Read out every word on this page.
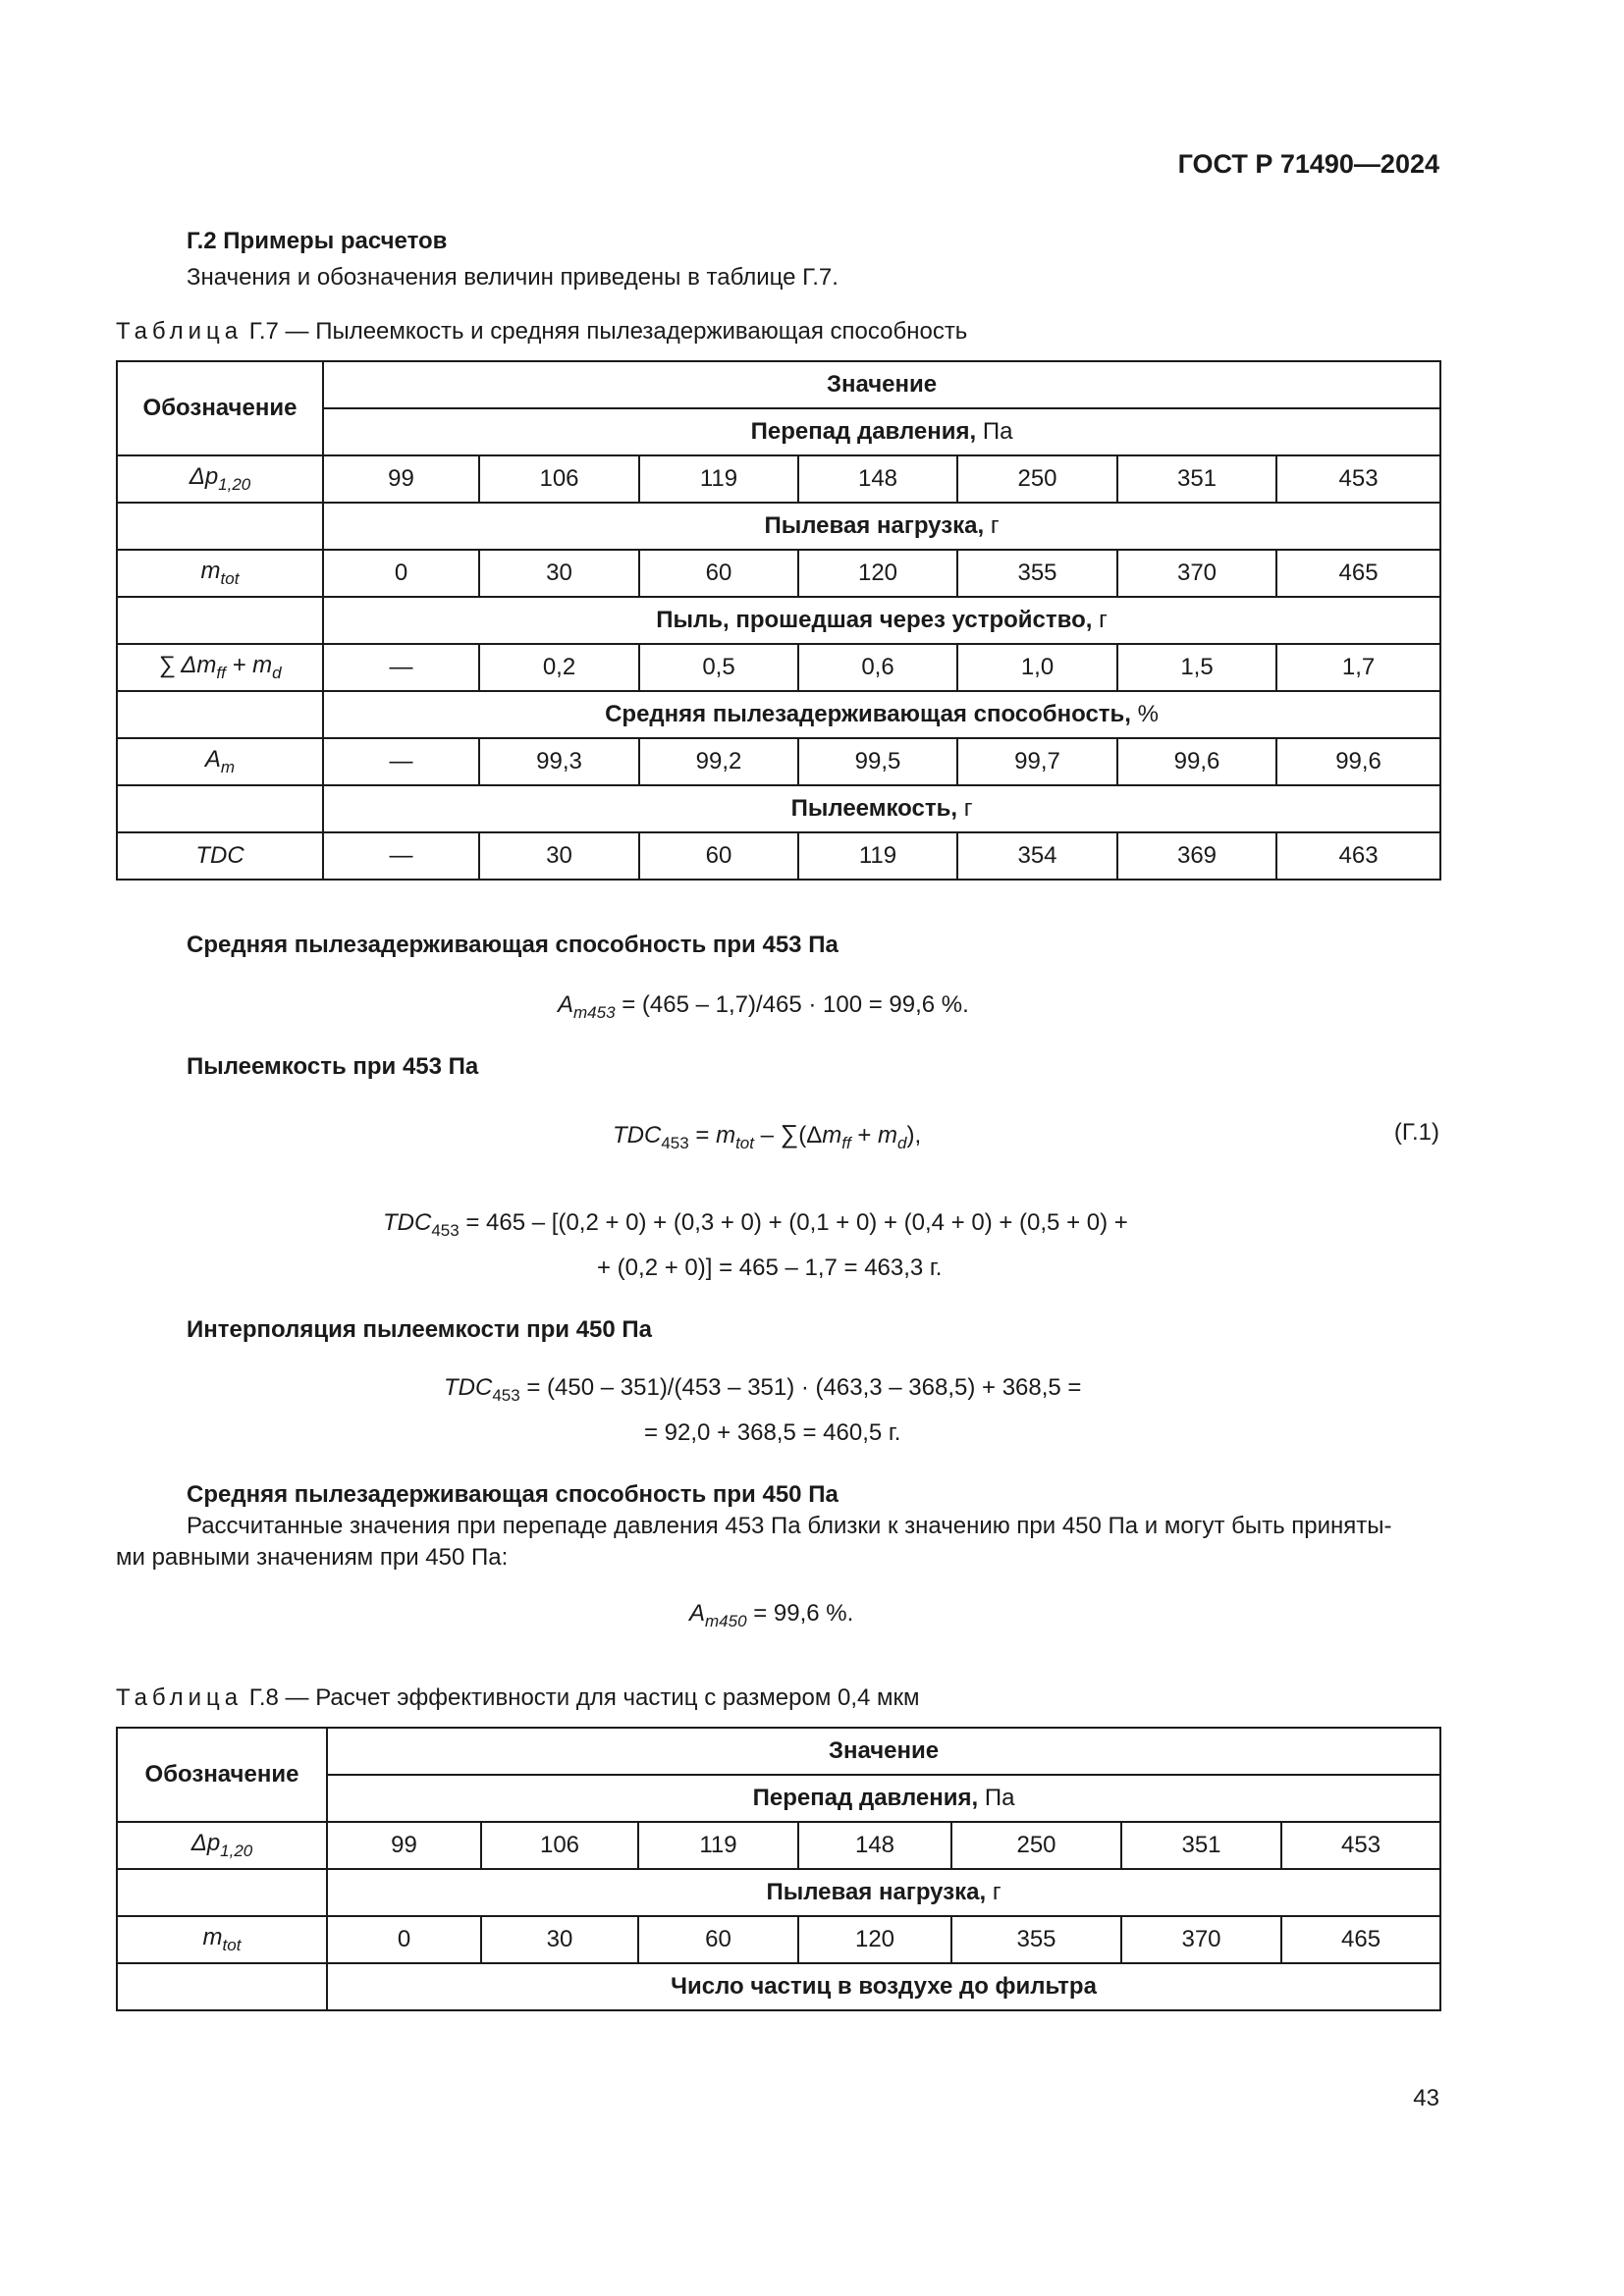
ГОСТ Р 71490—2024
Г.2 Примеры расчетов
Значения и обозначения величин приведены в таблице Г.7.
Таблица Г.7 — Пылеемкость и средняя пылезадерживающая способность
Обозначение	Значение						
	Перепад давления, Па						
$\Delta p_{1,20}$	99	106	119	148	250	351	453
	Пылевая нагрузка, г						
$m_{tot}$	0	30	60	120	355	370	465
	Пыль, прошедшая через устройство, г						
∑ $\Delta m_{ff} + m_d$	—	0,2	0,5	0,6	1,0	1,5	1,7
	Средняя пылезадерживающая способность, %						
$A_m$	—	99,3	99,2	99,5	99,7	99,6	99,6
	Пылеемкость, г						
TDC	—	30	60	119	354	369	463
Средняя пылезадерживающая способность при 453 Па
$A_{m453} = (465 - 1,7)/465 \cdot 100 = 99,6$ %.
Пылеемкость при 453 Па
$TDC_{453} = m_{tot} - \sum(\Delta m_{ff} + m_d)$,	(Г.1)
$TDC_{453} = 465 - [(0,2 + 0) + (0,3 + 0) + (0,1 + 0) + (0,4 + 0) + (0,5 + 0)$ +
+ (0,2 + 0)] = 465 – 1,7 = 463,3 г.
Интерполяция пылеемкости при 450 Па
$TDC_{453} = (450 - 351)/(453 - 351) \cdot (463,3 - 368,5) + 368,5$ =
= 92,0 + 368,5 = 460,5 г.
Средняя пылезадерживающая способность при 450 Па
Рассчитанные значения при перепаде давления 453 Па близки к значению при 450 Па и могут быть приняты-
ми равными значениям при 450 Па:
$A_{m450} = 99,6$ %.
Таблица Г.8 — Расчет эффективности для частиц с размером 0,4 мкм
Обозначение	Значение						
	Перепад давления, Па						
$\Delta p_{1,20}$	99	106	119	148	250	351	453
	Пылевая нагрузка, г						
$m_{tot}$	0	30	60	120	355	370	465
	Число частиц в воздухе до фильтра						
43
